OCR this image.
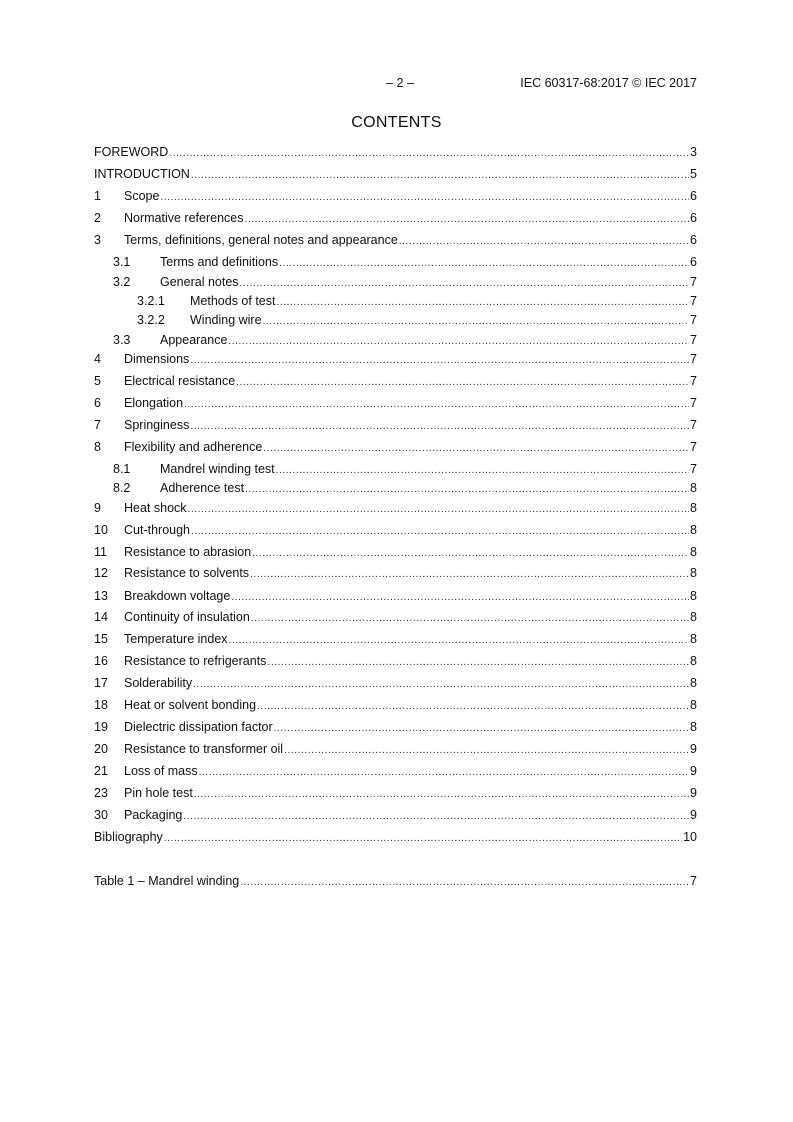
– 2 –	IEC 60317-68:2017 © IEC 2017
CONTENTS
FOREWORD .....	3
INTRODUCTION .....	5
1	Scope .....	6
2	Normative references .....	6
3	Terms, definitions, general notes and appearance .....	6
3.1	Terms and definitions .....	6
3.2	General notes .....	7
3.2.1	Methods of test .....	7
3.2.2	Winding wire .....	7
3.3	Appearance .....	7
4	Dimensions .....	7
5	Electrical resistance .....	7
6	Elongation .....	7
7	Springiness .....	7
8	Flexibility and adherence .....	7
8.1	Mandrel winding test .....	7
8.2	Adherence test .....	8
9	Heat shock .....	8
10	Cut-through .....	8
11	Resistance to abrasion .....	8
12	Resistance to solvents .....	8
13	Breakdown voltage .....	8
14	Continuity of insulation .....	8
15	Temperature index .....	8
16	Resistance to refrigerants .....	8
17	Solderability .....	8
18	Heat or solvent bonding .....	8
19	Dielectric dissipation factor .....	8
20	Resistance to transformer oil .....	9
21	Loss of mass .....	9
23	Pin hole test .....	9
30	Packaging .....	9
Bibliography .....	10
Table 1 – Mandrel winding .....	7
